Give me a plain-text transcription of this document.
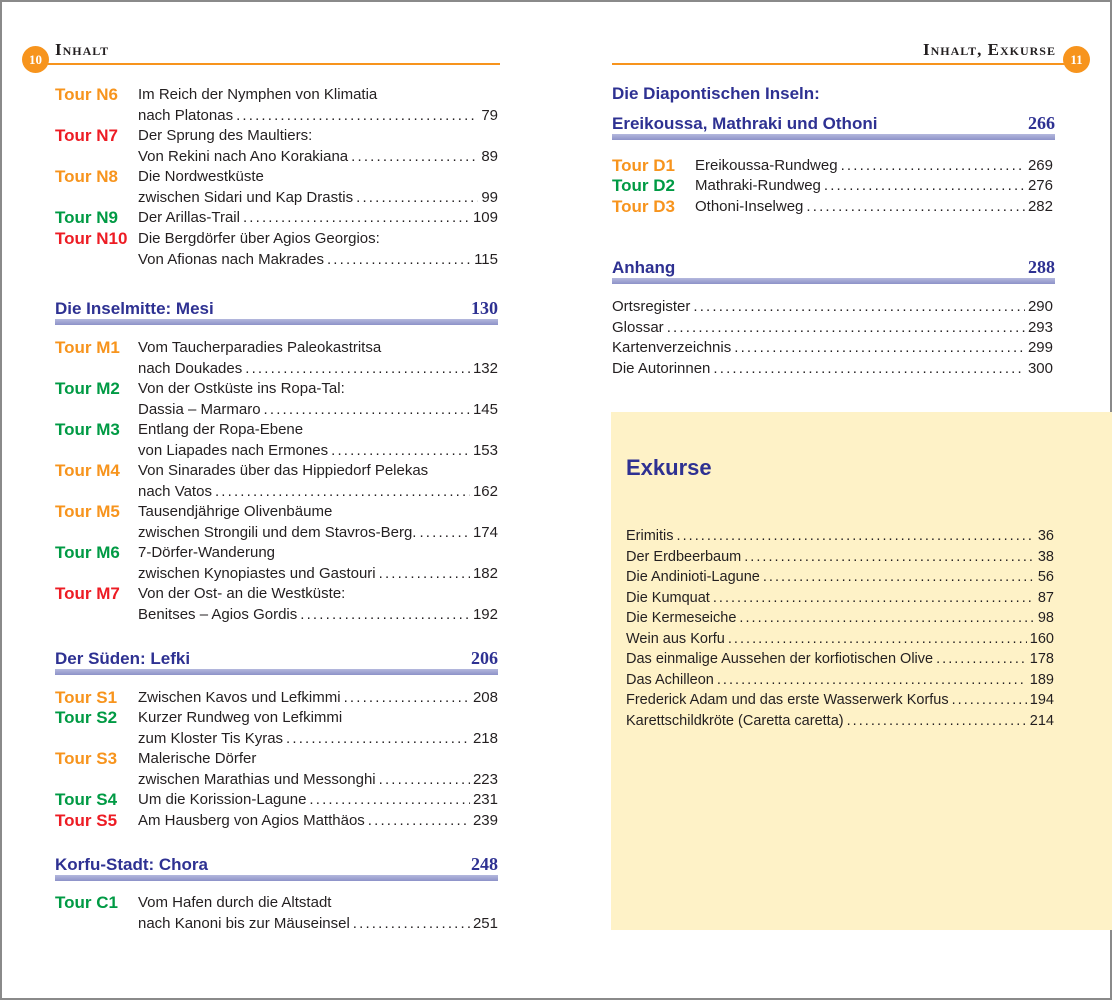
10
Inhalt	Inhalt, Exkurse
11
Tour N6 Im Reich der Nymphen von Klimatia
nach Platonas . . .	79
Tour N7 Der Sprung des Maultiers:
Von Rekini nach Ano Korakiana . . .	89
Tour N8 Die Nordwestküste
zwischen Sidari und Kap Drastis . . .	99
Tour N9 Der Arillas-Trail . . .	109
Tour N10 Die Bergdörfer über Agios Georgios:
Von Afionas nach Makrades . . .	115
Die Inselmitte: Mesi	130
Tour M1 Vom Taucherparadies Paleokastritsa
nach Doukades . . .	132
Tour M2 Von der Ostküste ins Ropa-Tal:
Dassia – Marmaro . . .	145
Tour M3 Entlang der Ropa-Ebene
von Liapades nach Ermones . . .	153
Tour M4 Von Sinarades über das Hippiedorf Pelekas
nach Vatos . . .	162
Tour M5 Tausendjährige Olivenbäume
zwischen Strongili und dem Stavros-Berg. . . .	174
Tour M6 7-Dörfer-Wanderung
zwischen Kynopiastes und Gastouri . . .	182
Tour M7 Von der Ost- an die Westküste:
Benitses – Agios Gordis . . .	192
Der Süden: Lefki	206
Tour S1 Zwischen Kavos und Lefkimmi . . .	208
Tour S2 Kurzer Rundweg von Lefkimmi
zum Kloster Tis Kyras . . .	218
Tour S3 Malerische Dörfer
zwischen Marathias und Messonghi . . .	223
Tour S4 Um die Korission-Lagune . . .	231
Tour S5 Am Hausberg von Agios Matthäos . . .	239
Korfu-Stadt: Chora	248
Tour C1 Vom Hafen durch die Altstadt
nach Kanoni bis zur Mäuseinsel . . .	251
Die Diapontischen Inseln:
Ereikoussa, Mathraki und Othoni	266
Tour D1 Ereikoussa-Rundweg . . .	269
Tour D2 Mathraki-Rundweg . . .	276
Tour D3 Othoni-Inselweg . . .	282
Anhang	288
Ortsregister . . .	290
Glossar . . .	293
Kartenverzeichnis . . .	299
Die Autorinnen . . .	300
Exkurse
Erimitis . . .	36
Der Erdbeerbaum . . .	38
Die Andinioti-Lagune . . .	56
Die Kumquat . . .	87
Die Kermeseiche . . .	98
Wein aus Korfu . . .	160
Das einmalige Aussehen der korfiotischen Olive . . .	178
Das Achilleon . . .	189
Frederick Adam und das erste Wasserwerk Korfus . . .	194
Karettschildkröte (Caretta caretta) . . .	214
